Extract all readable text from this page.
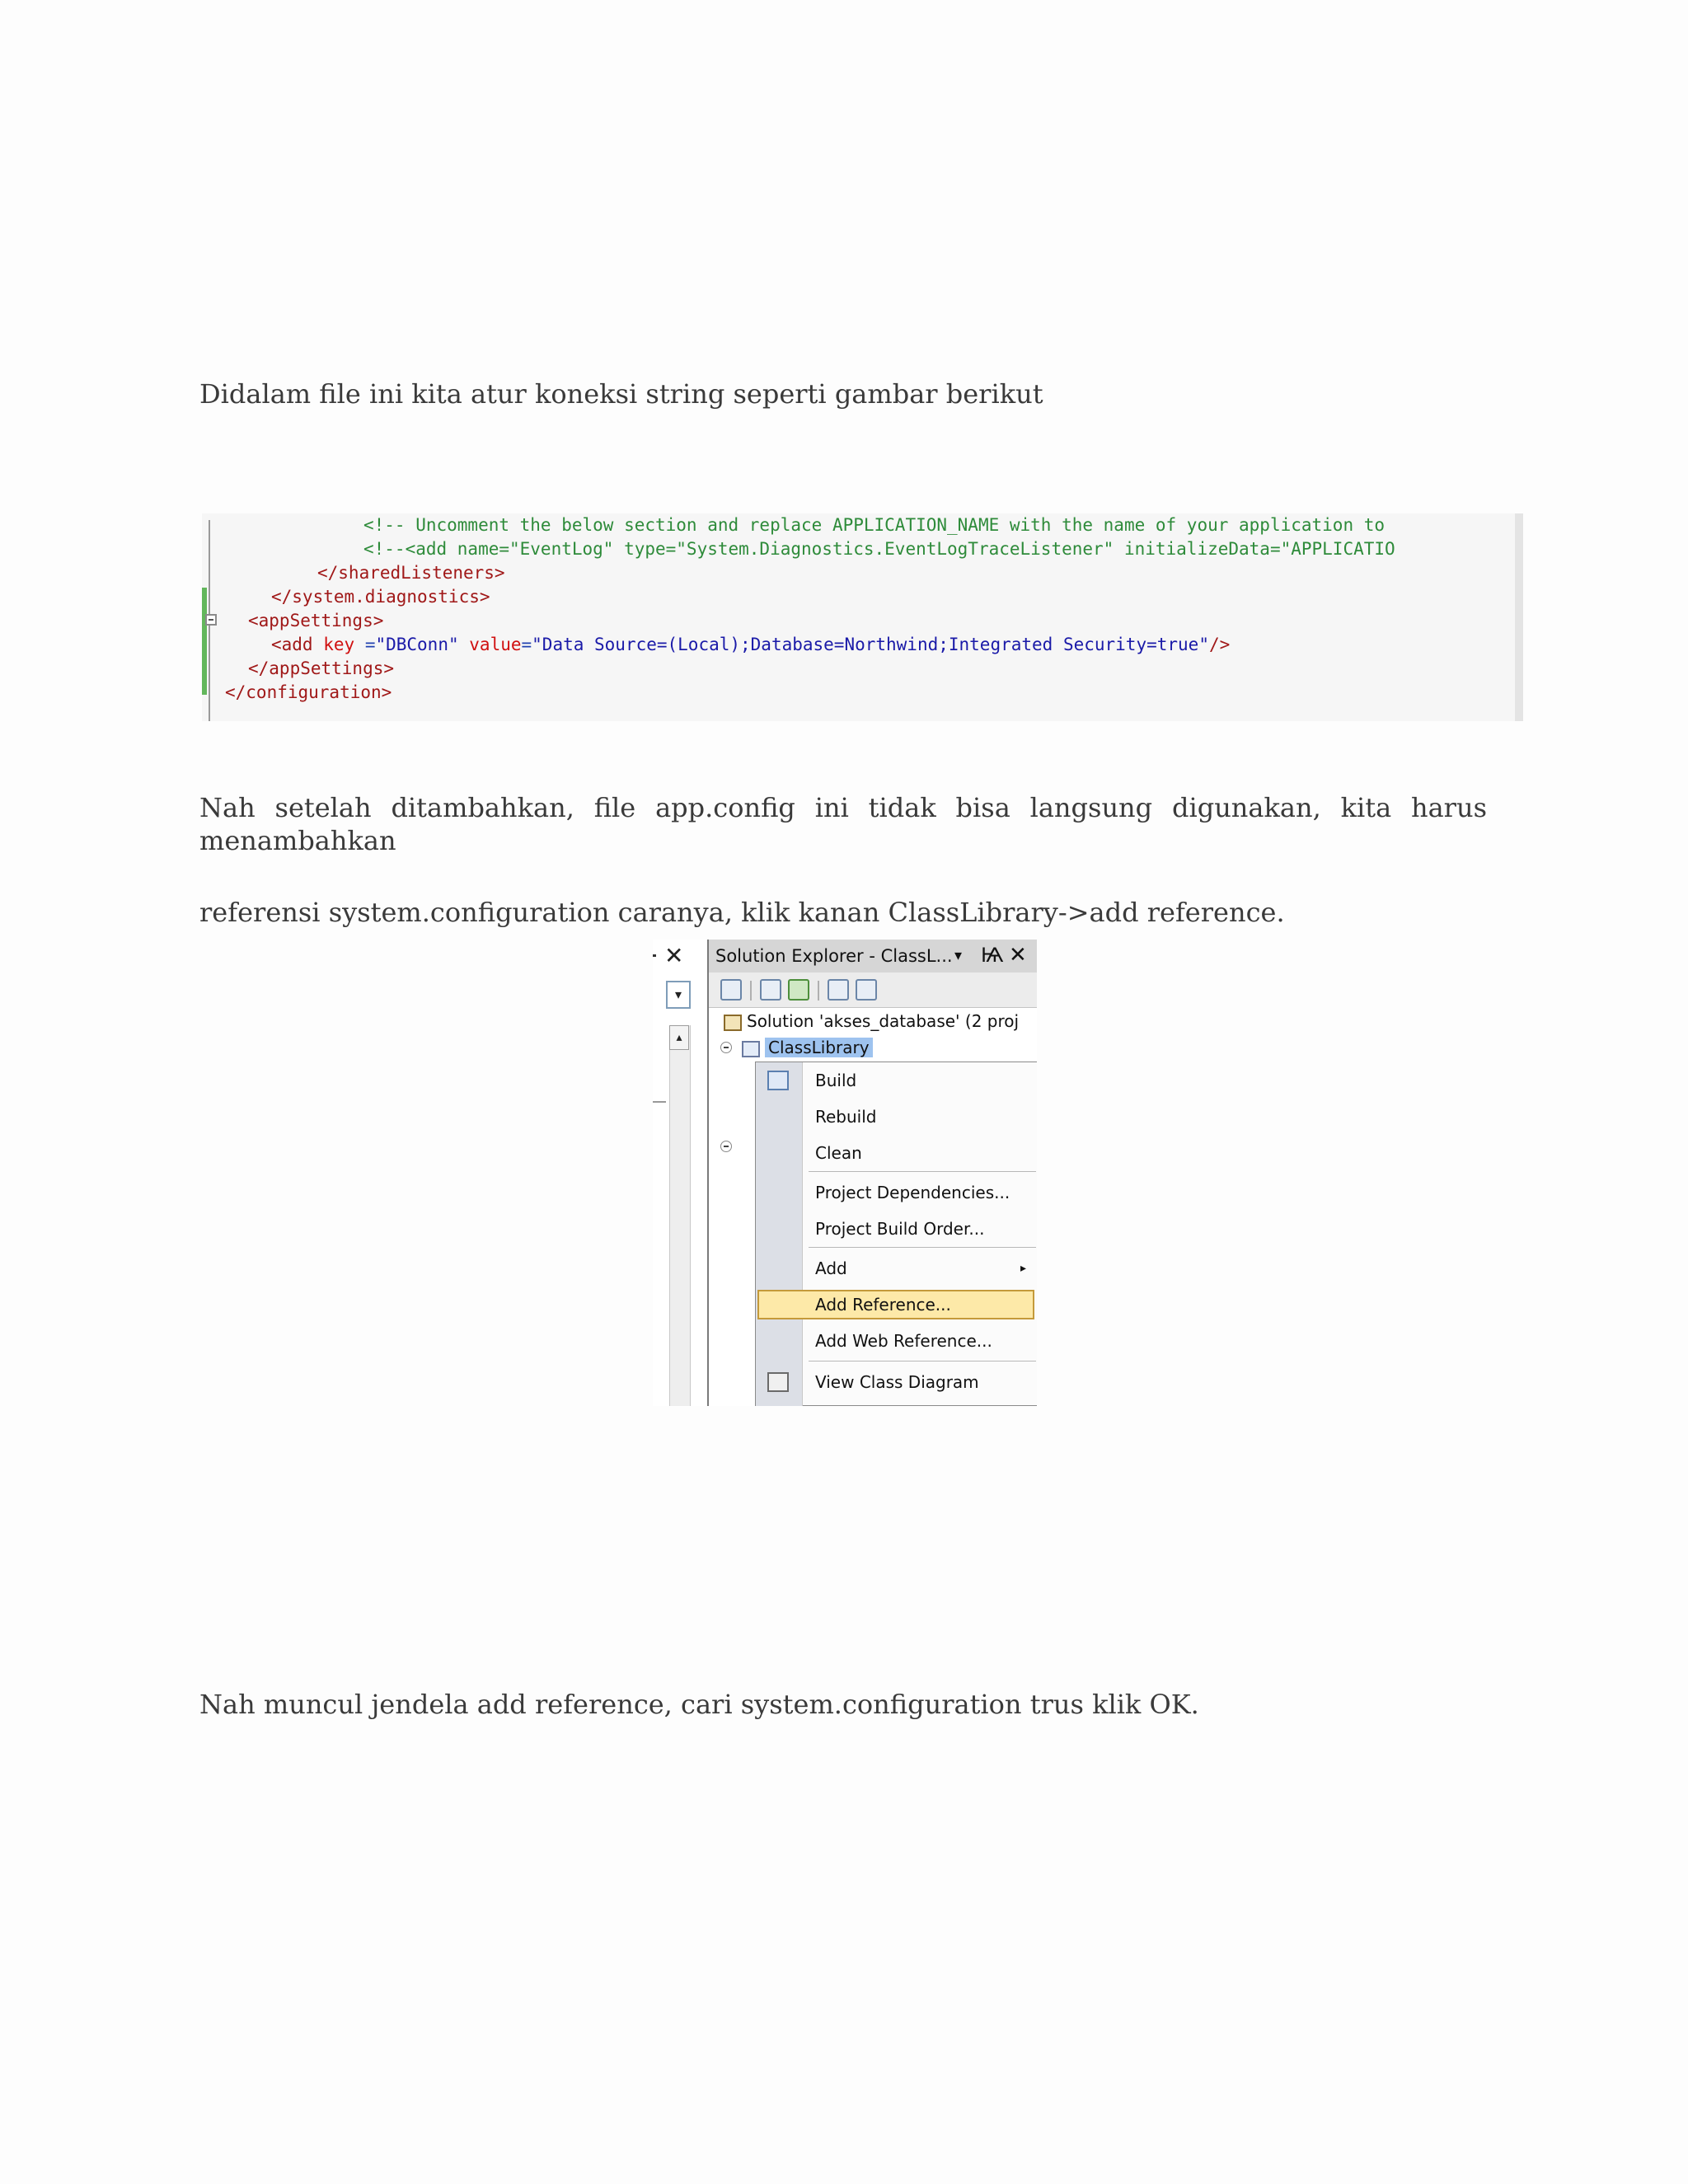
Didalam file ini kita atur koneksi string seperti gambar berikut

<!-- Uncomment the below section and replace APPLICATION_NAME with the name of your application to

<!--<add name="EventLog" type="System.Diagnostics.EventLogTraceListener" initializeData="APPLICATIO

</sharedListeners>

</system.diagnostics>

<appSettings>

<add key ="DBConn" value="Data Source=(Local);Database=Northwind;Integrated Security=true"/>

</appSettings>

</configuration>

Nah setelah ditambahkan, file app.config ini tidak bisa langsung digunakan, kita harus menambahkan

referensi system.configuration caranya, klik kanan ClassLibrary->add reference.

✕
▾
▴
Solution Explorer - ClassL... ▾ Ѩ ✕
Solution 'akses_database' (2 proj
ClassLibrary
Build
Rebuild
Clean
Project Dependencies...
Project Build Order...
Add	▸
Add Reference...
Add Web Reference...
View Class Diagram

Nah muncul jendela add reference, cari system.configuration trus klik OK.
